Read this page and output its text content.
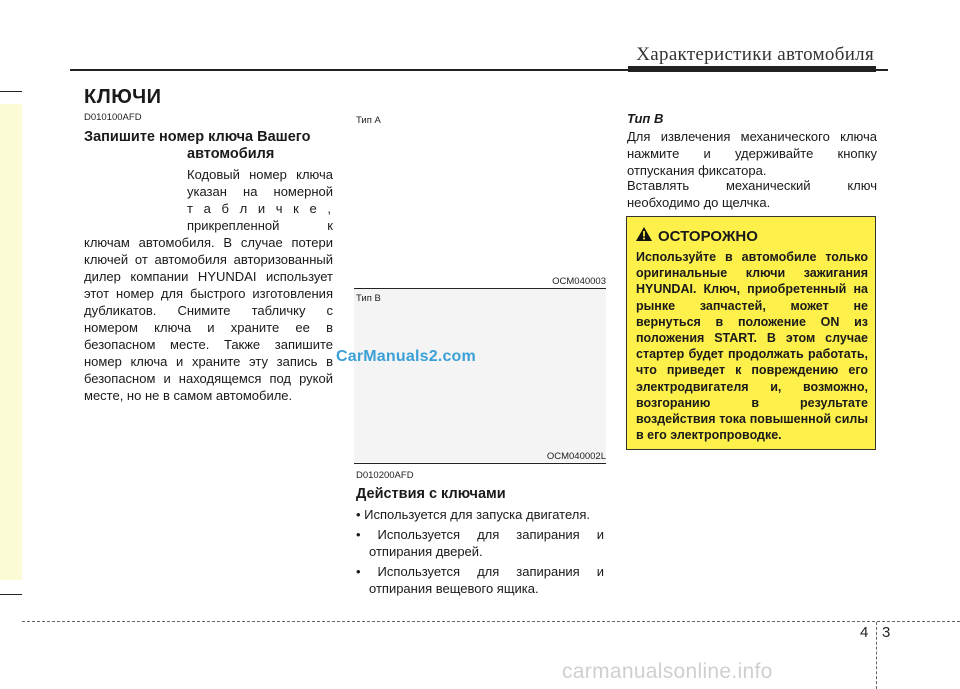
Характеристики автомобиля
КЛЮЧИ
D010100AFD
Запишите номер ключа Вашего
автомобиля

Кодовый номер ключа

указан на номерной

т а б л и ч к е ,

прикрепленной к

ключам автомобиля. В случае потери ключей от автомобиля авторизованный дилер компании HYUNDAI использует этот номер для быстрого изготовления дубликатов. Снимите табличку с номером ключа и храните ее в безопасном месте. Также запишите номер ключа и храните эту запись в безопасном и находящемся под рукой месте, но не в самом автомобиле.

Тип A
OCM040003
Тип B
OCM040002L
CarManuals2.com
D010200AFD
Действия с ключами

• Используется для запуска двигателя.

• Используется для запирания и отпирания дверей.

• Используется для запирания и отпирания вещевого ящика.

Тип B

Для извлечения механического ключа нажмите и удерживайте кнопку отпускания фиксатора.

Вставлять механический ключ необходимо до щелчка.

ОСТОРОЖНО

Используйте в автомобиле только оригинальные ключи зажигания HYUNDAI. Ключ, приобретенный на рынке запчастей, может не вернуться в положение ON из положения START. В этом случае стартер будет продолжать работать, что приведет к повреждению его электродвигателя и, возможно, возгоранию в результате воздействия тока повышенной силы в его электропроводке.

4 3
carmanualsonline.info
